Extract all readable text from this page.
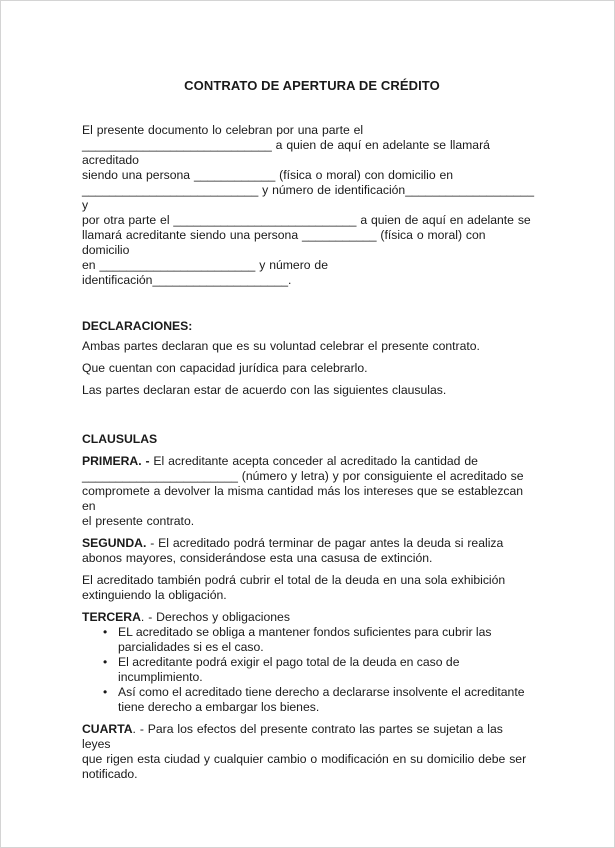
CONTRATO DE APERTURA DE CRÉDITO
El presente documento lo celebran por una parte el
____________________________ a quien de aquí en adelante se llamará acreditado
siendo una persona ____________ (física o moral) con domicilio en
__________________________ y número de identificación___________________ y
por otra parte el ___________________________ a quien de aquí en adelante se
llamará acreditante siendo una persona ___________ (física o moral) con domicilio
en _______________________ y número de identificación____________________.
DECLARACIONES:
Ambas partes declaran que es su voluntad celebrar el presente contrato.
Que cuentan con capacidad jurídica para celebrarlo.
Las partes declaran estar de acuerdo con las siguientes clausulas.
CLAUSULAS
PRIMERA. - El acreditante acepta conceder al acreditado la cantidad de
_______________________ (número y letra) y por consiguiente el acreditado se
compromete a devolver la misma cantidad más los intereses que se establezcan en
el presente contrato.
SEGUNDA. - El acreditado podrá terminar de pagar antes la deuda si realiza
abonos mayores, considerándose esta una casusa de extinción.
El acreditado también podrá cubrir el total de la deuda en una sola exhibición
extinguiendo la obligación.
TERCERA. - Derechos y obligaciones
• EL acreditado se obliga a mantener fondos suficientes para cubrir las
parcialidades si es el caso.
• El acreditante podrá exigir el pago total de la deuda en caso de
incumplimiento.
• Así como el acreditado tiene derecho a declararse insolvente el acreditante
tiene derecho a embargar los bienes.
CUARTA. - Para los efectos del presente contrato las partes se sujetan a las leyes
que rigen esta ciudad y cualquier cambio o modificación en su domicilio debe ser
notificado.
